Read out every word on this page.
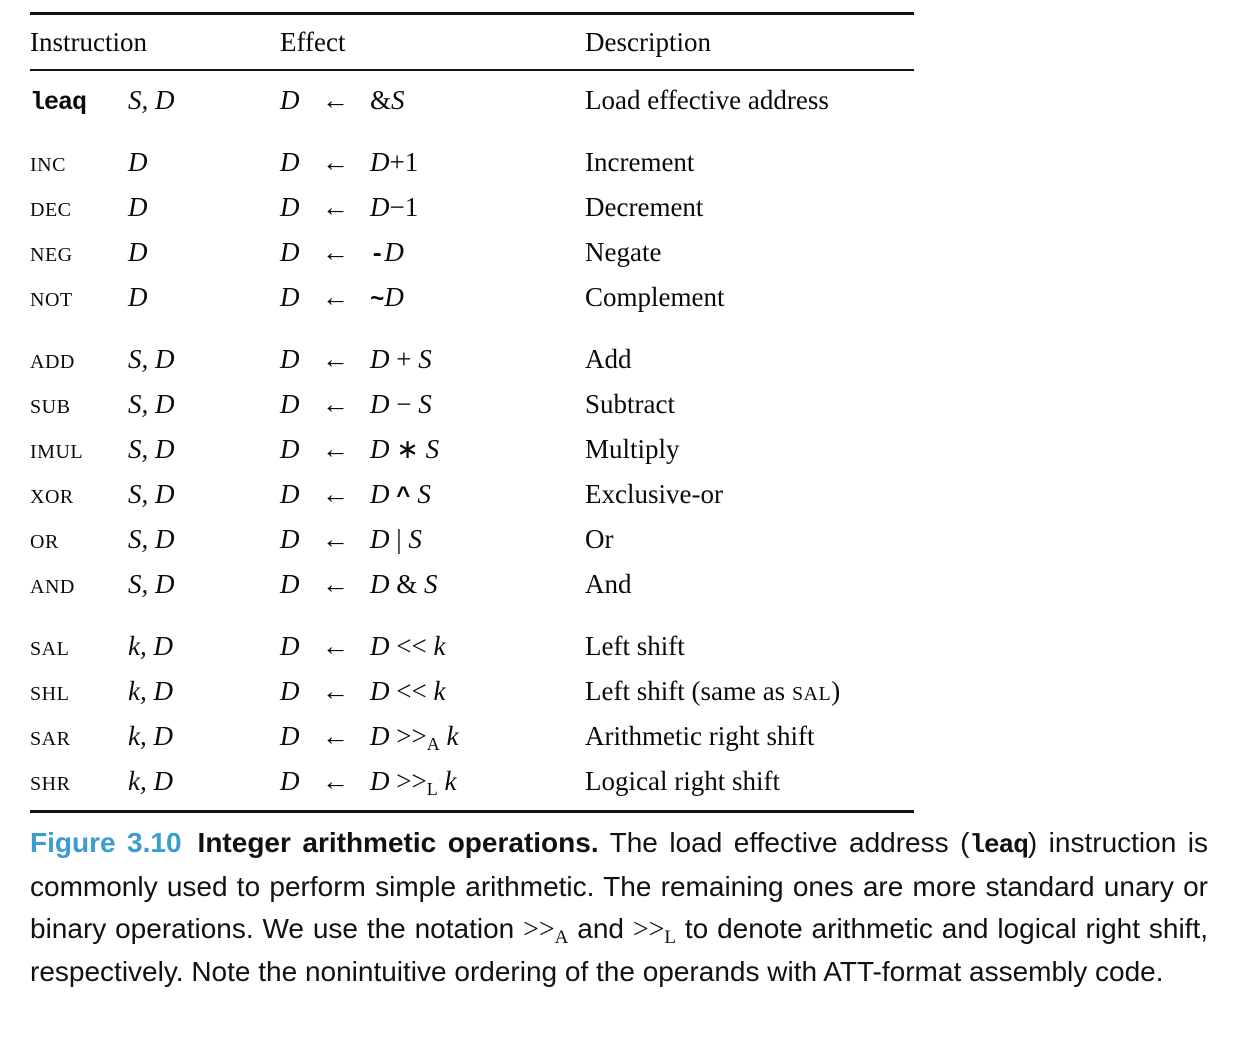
Instruction	Effect	Description
leaq	S, D	D ← &S	Load effective address
INC	D	D ← D+1	Increment
DEC	D	D ← D−1	Decrement
NEG	D	D ← -D	Negate
NOT	D	D ← ~D	Complement
ADD	S, D	D ← D + S	Add
SUB	S, D	D ← D − S	Subtract
IMUL	S, D	D ← D ∗ S	Multiply
XOR	S, D	D ← D ^ S	Exclusive-or
OR	S, D	D ← D | S	Or
AND	S, D	D ← D & S	And
SAL	k, D	D ← D << k	Left shift
SHL	k, D	D ← D << k	Left shift (same as SAL)
SAR	k, D	D ← $D >>_A$ k	Arithmetic right shift
SHR	k, D	D ← $D >>_L$ k	Logical right shift

Figure 3.10 Integer arithmetic operations. The load effective address (leaq) instruction is commonly used to perform simple arithmetic. The remaining ones are more standard unary or binary operations. We use the notation $>>_A$ and $>>_L$ to denote arithmetic and logical right shift, respectively. Note the nonintuitive ordering of the operands with ATT-format assembly code.
